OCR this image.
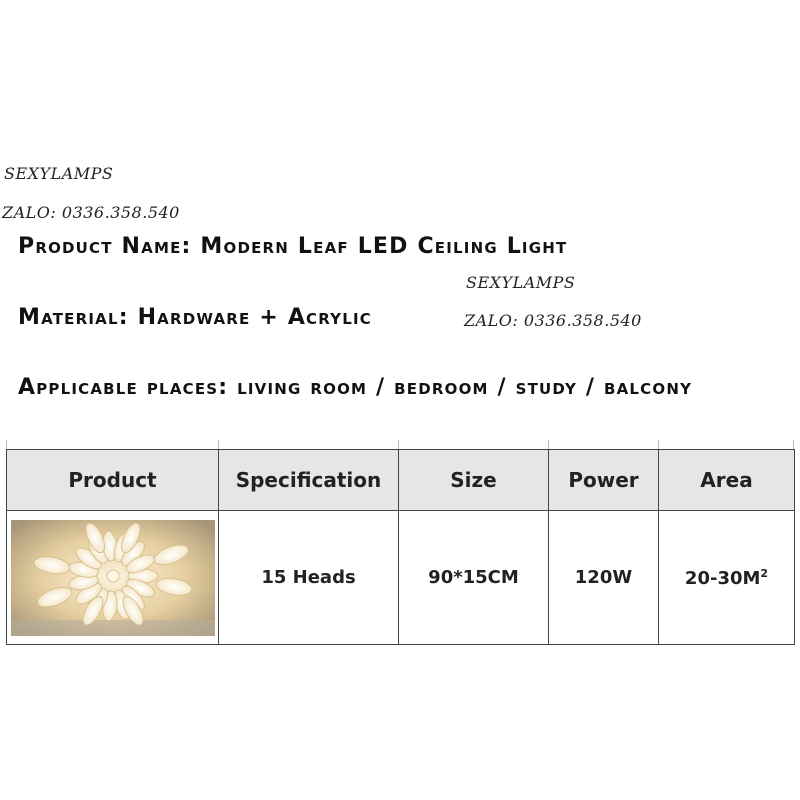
SEXYLAMPS

ZALO: 0336.358.540

SEXYLAMPS

ZALO: 0336.358.540

Product Name: Modern Leaf LED Ceiling Light
Material: Hardware + Acrylic
Applicable places: living room / bedroom / study / balcony
Product	Specification	Size	Power	Area

	15 Heads	90*15CM	120W	$20-30M^2$
